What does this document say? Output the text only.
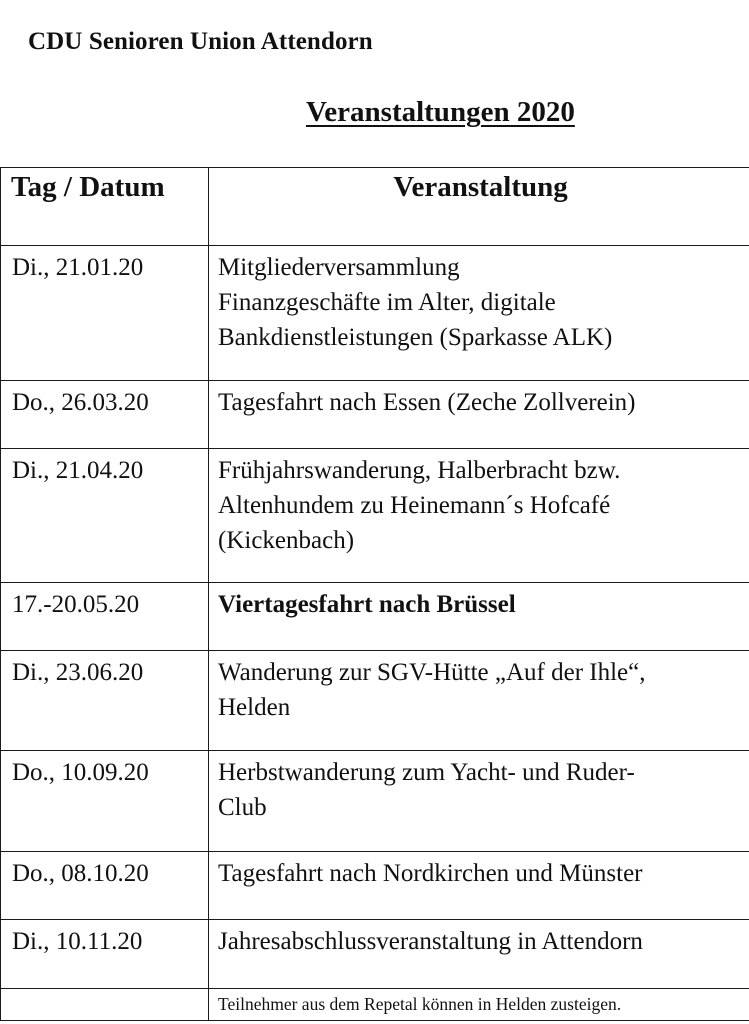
CDU Senioren Union Attendorn
Veranstaltungen 2020
Tag / Datum	Veranstaltung
Di., 21.01.20	Mitgliederversammlung
Finanzgeschäfte im Alter, digitale
Bankdienstleistungen (Sparkasse ALK)

Do., 26.03.20	Tagesfahrt nach Essen (Zeche Zollverein)

Di., 21.04.20	Frühjahrswanderung, Halberbracht bzw.
Altenhundem zu Heinemann´s Hofcafé
(Kickenbach)

17.-20.05.20	Viertagesfahrt nach Brüssel

Di., 23.06.20	Wanderung zur SGV-Hütte „Auf der Ihle“,
Helden

Do., 10.09.20	Herbstwanderung zum Yacht- und Ruder-
Club

Do., 08.10.20	Tagesfahrt nach Nordkirchen und Münster

Di., 10.11.20	Jahresabschlussveranstaltung in Attendorn

	Teilnehmer aus dem Repetal können in Helden zusteigen.
